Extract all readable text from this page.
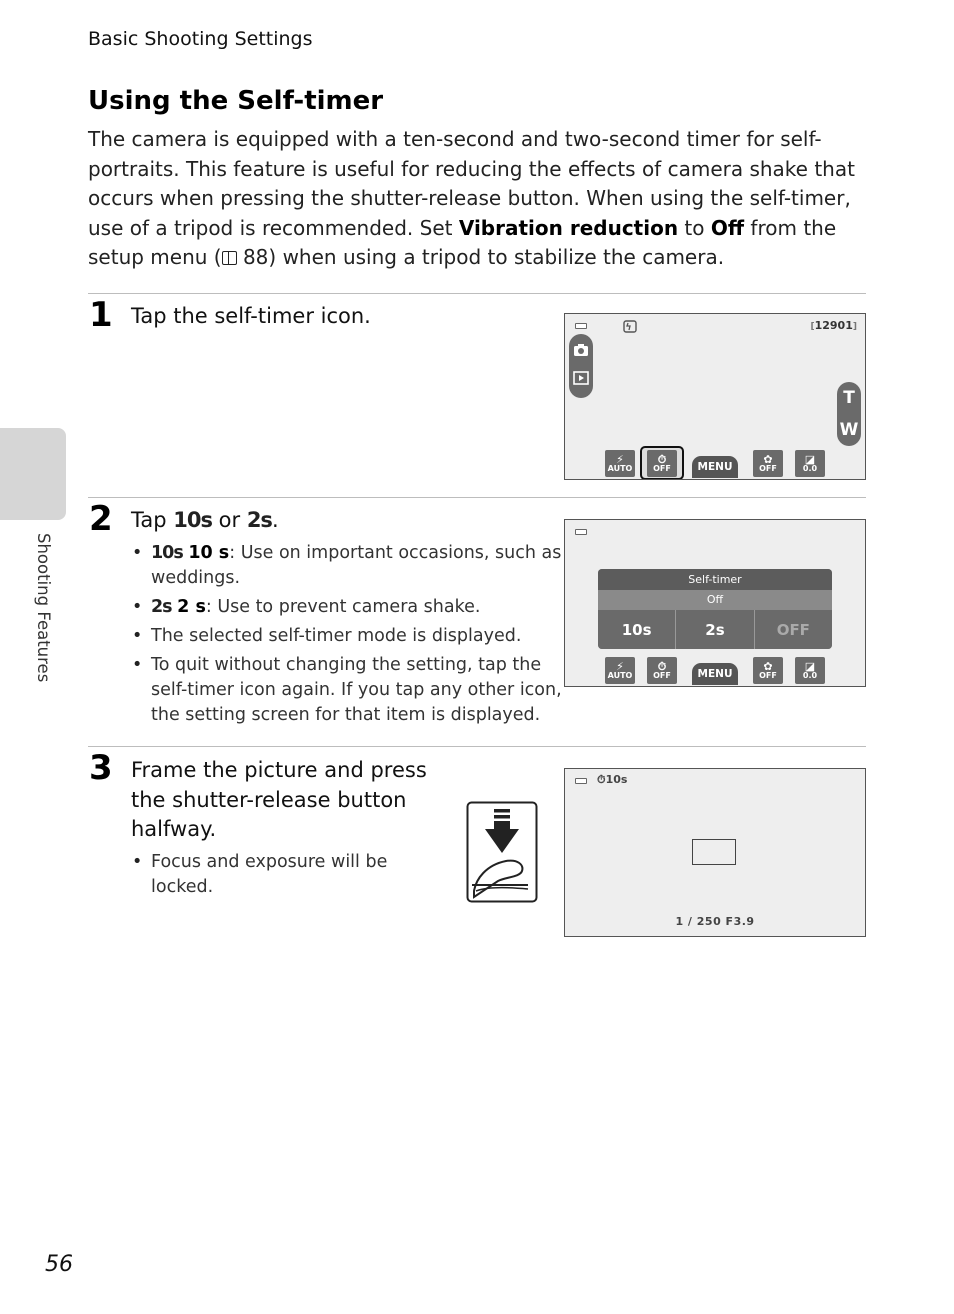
Basic Shooting Settings
Using the Self-timer

The camera is equipped with a ten-second and two-second timer for self-portraits. This feature is useful for reducing the effects of camera shake that occurs when pressing the shutter-release button. When using the self-timer, use of a tripod is recommended. Set Vibration reduction to Off from the setup menu ( 88) when using a tripod to stabilize the camera.

1 Tap the self-timer icon.	[12901]
T
W
⚡
AUTO
⏱
OFF	MENU
✿
OFF
◪
0.0
2 Tap 10s or 2s.
• 10s 10 s: Use on important occasions, such as weddings.
• 2s 2 s: Use to prevent camera shake.
• The selected self-timer mode is displayed.
• To quit without changing the setting, tap the self-timer icon again. If you tap any other icon, the setting screen for that item is displayed.
Self-timer
Off
10s	2s	OFF
⚡
AUTO
⏱
OFF	MENU
✿
OFF
◪
0.0
3 Frame the picture and press the shutter-release button halfway.
• Focus and exposure will be locked.
⏱10s
1 / 250 F3.9
Shooting Features
56
